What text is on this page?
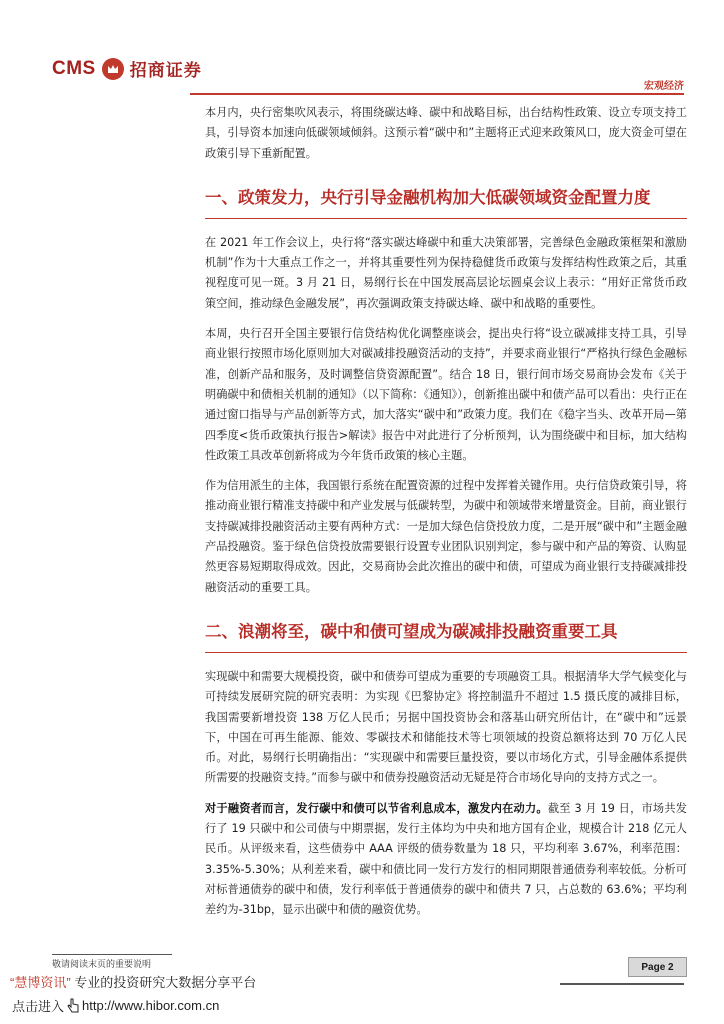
CMS 招商证券
宏观经济

本月内，央行密集吹风表示，将围绕碳达峰、碳中和战略目标，出台结构性政策、设立专项支持工具，引导资本加速向低碳领域倾斜。这预示着“碳中和”主题将正式迎来政策风口，庞大资金可望在政策引导下重新配置。

一、政策发力，央行引导金融机构加大低碳领域资金配置力度

在 2021 年工作会议上，央行将“落实碳达峰碳中和重大决策部署，完善绿色金融政策框架和激励机制”作为十大重点工作之一，并将其重要性列为保持稳健货币政策与发挥结构性政策之后，其重视程度可见一斑。3 月 21 日，易纲行长在中国发展高层论坛圆桌会议上表示：“用好正常货币政策空间，推动绿色金融发展”，再次强调政策支持碳达峰、碳中和战略的重要性。

本周，央行召开全国主要银行信贷结构优化调整座谈会，提出央行将“设立碳减排支持工具，引导商业银行按照市场化原则加大对碳减排投融资活动的支持”，并要求商业银行“严格执行绿色金融标准，创新产品和服务，及时调整信贷资源配置”。结合 18 日，银行间市场交易商协会发布《关于明确碳中和债相关机制的通知》（以下简称：《通知》），创新推出碳中和债产品可以看出：央行正在通过窗口指导与产品创新等方式，加大落实“碳中和”政策力度。我们在《稳字当头、改革开局—第四季度<货币政策执行报告>解读》报告中对此进行了分析预判，认为围绕碳中和目标，加大结构性政策工具改革创新将成为今年货币政策的核心主题。

作为信用派生的主体，我国银行系统在配置资源的过程中发挥着关键作用。央行信贷政策引导，将推动商业银行精准支持碳中和产业发展与低碳转型，为碳中和领域带来增量资金。目前，商业银行支持碳减排投融资活动主要有两种方式：一是加大绿色信贷投放力度，二是开展“碳中和”主题金融产品投融资。鉴于绿色信贷投放需要银行设置专业团队识别判定，参与碳中和产品的筹资、认购显然更容易短期取得成效。因此，交易商协会此次推出的碳中和债，可望成为商业银行支持碳减排投融资活动的重要工具。

二、浪潮将至，碳中和债可望成为碳减排投融资重要工具

实现碳中和需要大规模投资，碳中和债券可望成为重要的专项融资工具。根据清华大学气候变化与可持续发展研究院的研究表明：为实现《巴黎协定》将控制温升不超过 1.5 摄氏度的减排目标，我国需要新增投资 138 万亿人民币；另据中国投资协会和落基山研究所估计，在“碳中和”远景下，中国在可再生能源、能效、零碳技术和储能技术等七项领域的投资总额将达到 70 万亿人民币。对此，易纲行长明确指出：“实现碳中和需要巨量投资，要以市场化方式，引导金融体系提供所需要的投融资支持。”而参与碳中和债券投融资活动无疑是符合市场化导向的支持方式之一。

对于融资者而言，发行碳中和债可以节省利息成本，激发内在动力。截至 3 月 19 日，市场共发行了 19 只碳中和公司债与中期票据，发行主体均为中央和地方国有企业，规模合计 218 亿元人民币。从评级来看，这些债券中 AAA 评级的债券数量为 18 只，平均利率 3.67%，利率范围：3.35%-5.30%；从利差来看，碳中和债比同一发行方发行的相同期限普通债券利率较低。分析可对标普通债券的碳中和债，发行利率低于普通债券的碳中和债共 7 只，占总数的 63.6%；平均利差约为-31bp，显示出碳中和债的融资优势。

敬请阅读末页的重要说明	Page 2
“慧博资讯” 专业的投资研究大数据分享平台
点击进入 http://www.hibor.com.cn
